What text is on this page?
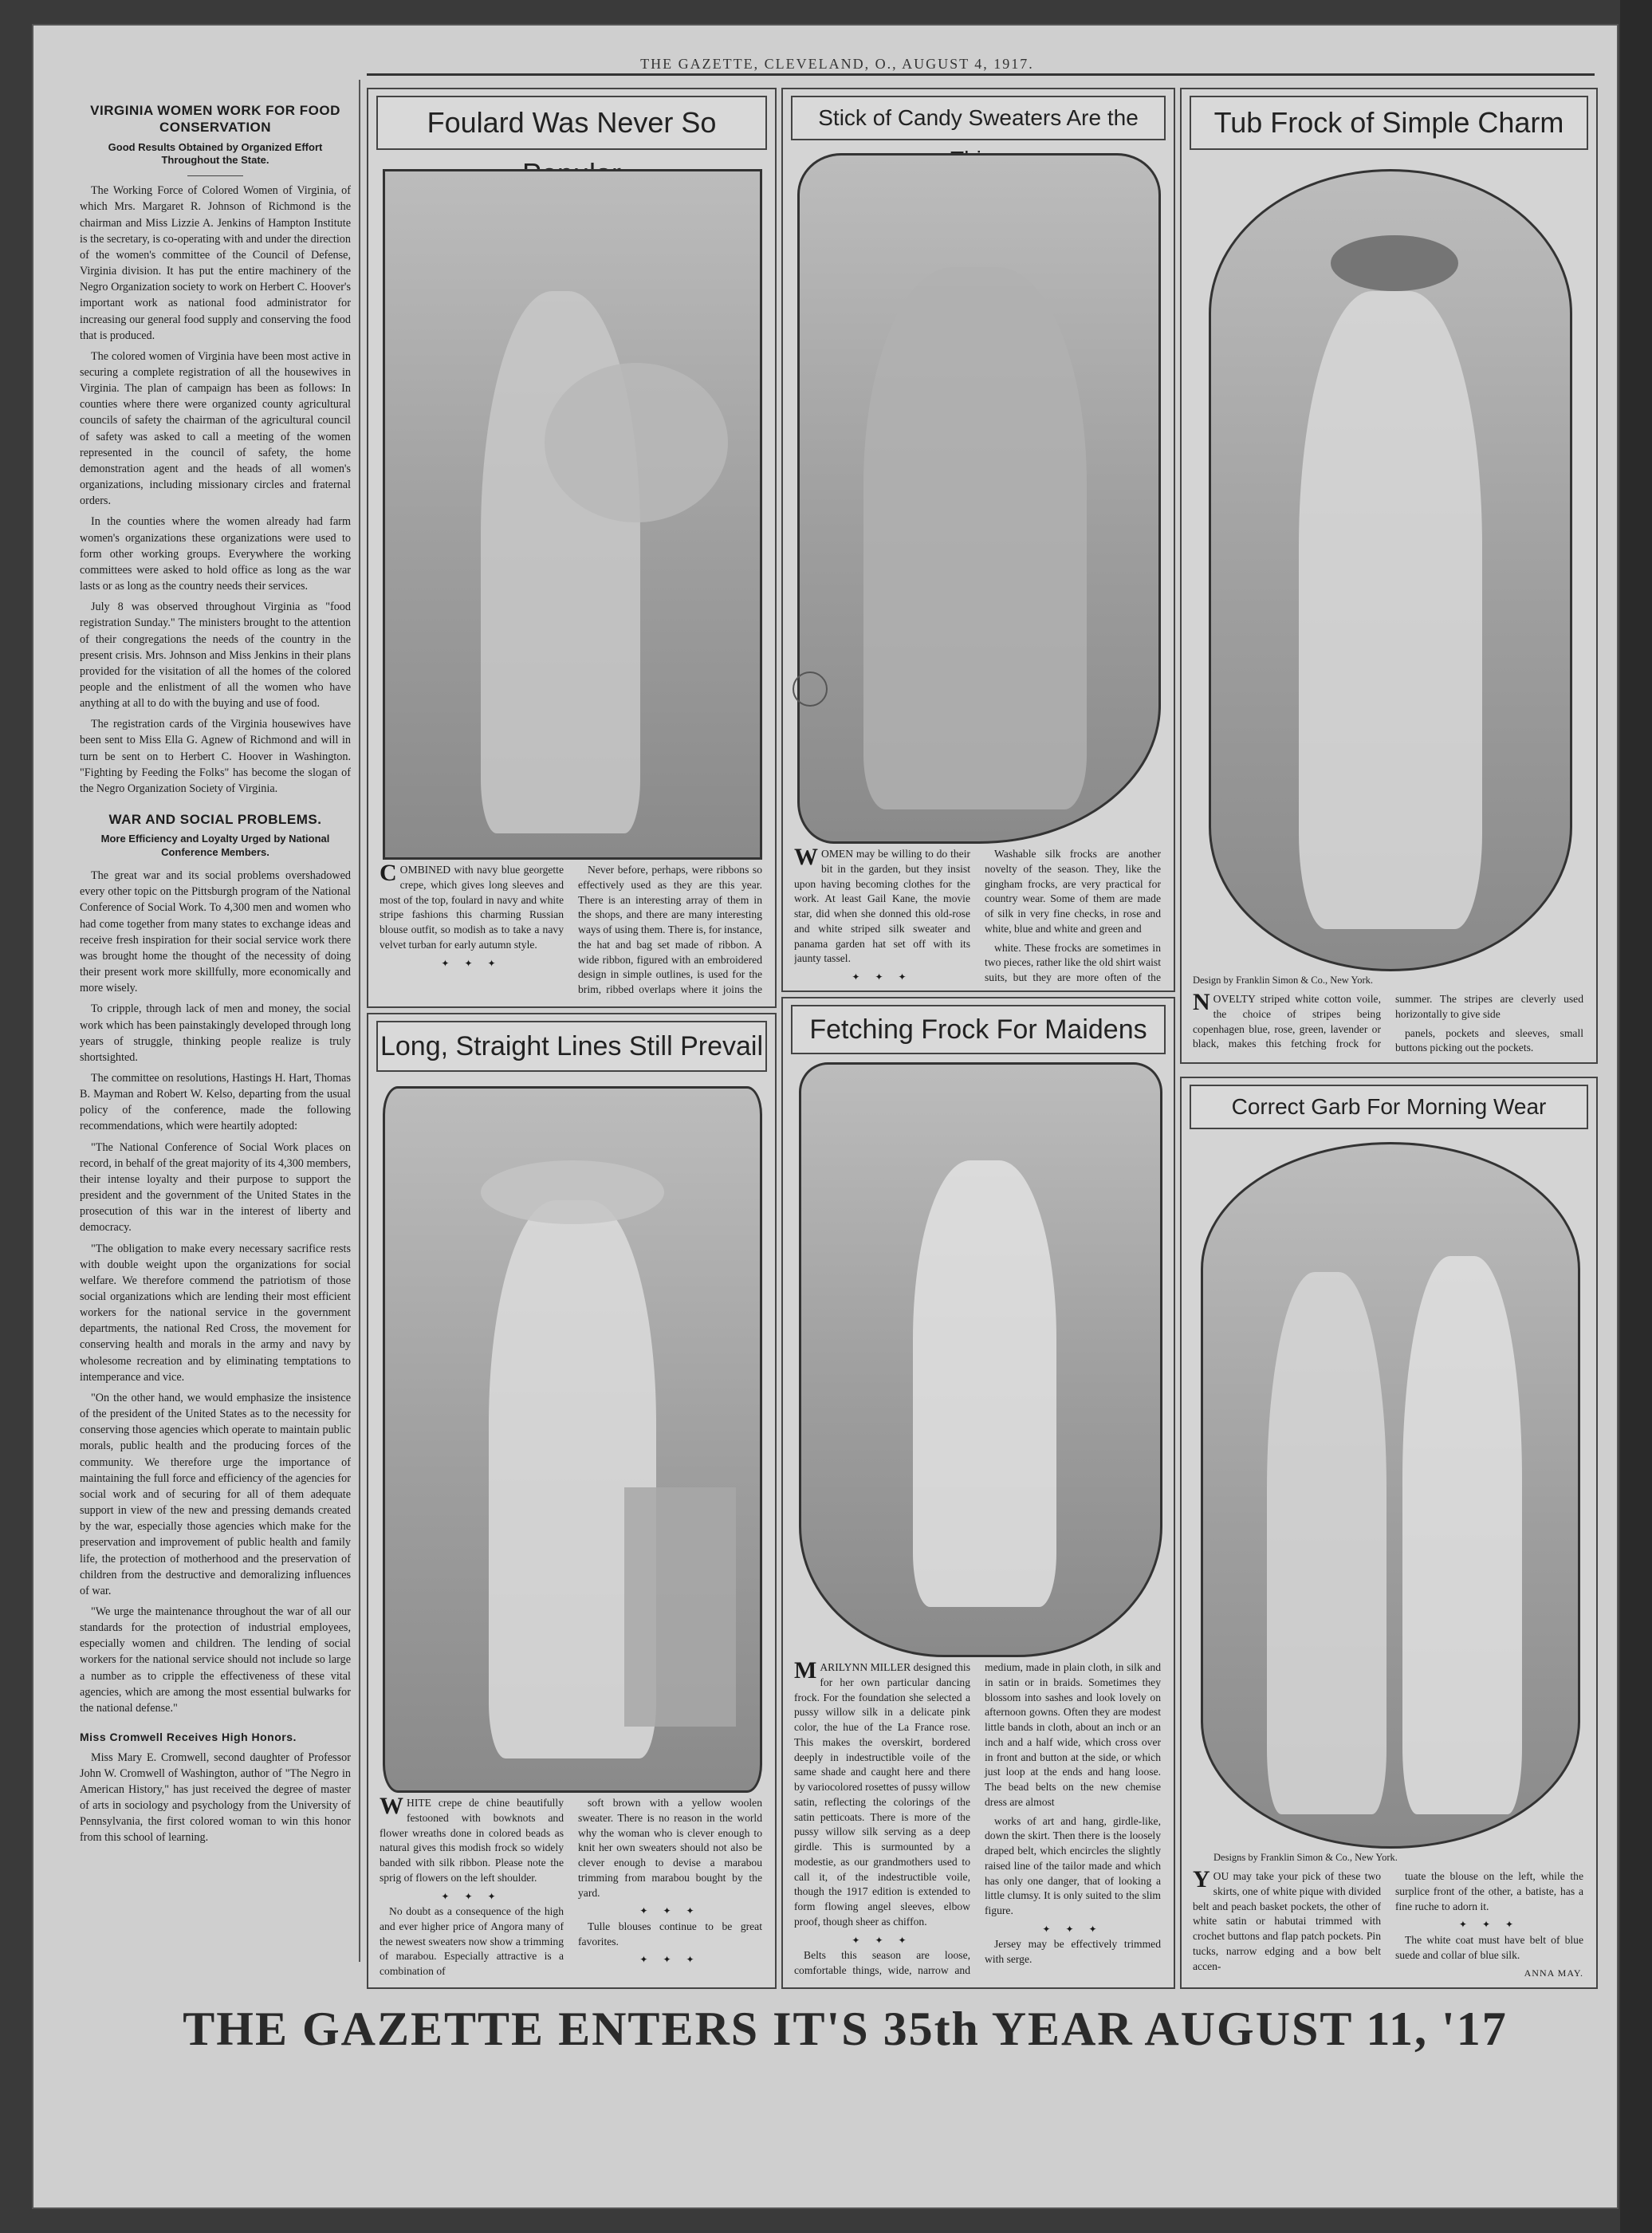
THE GAZETTE, CLEVELAND, O., AUGUST 4, 1917.
VIRGINIA WOMEN WORK FOR FOOD CONSERVATION
Good Results Obtained by Organized Effort Throughout the State.

The Working Force of Colored Women of Virginia, of which Mrs. Margaret R. Johnson of Richmond is the chairman and Miss Lizzie A. Jenkins of Hampton Institute is the secretary, is co-operating with and under the direction of the women's committee of the Council of Defense, Virginia division. It has put the entire machinery of the Negro Organization society to work on Herbert C. Hoover's important work as national food administrator for increasing our general food supply and conserving the food that is produced.

The colored women of Virginia have been most active in securing a complete registration of all the housewives in Virginia. The plan of campaign has been as follows: In counties where there were organized county agricultural councils of safety the chairman of the agricultural council of safety was asked to call a meeting of the women represented in the council of safety, the home demonstration agent and the heads of all women's organizations, including missionary circles and fraternal orders.

In the counties where the women already had farm women's organizations these organizations were used to form other working groups. Everywhere the working committees were asked to hold office as long as the war lasts or as long as the country needs their services.

July 8 was observed throughout Virginia as "food registration Sunday." The ministers brought to the attention of their congregations the needs of the country in the present crisis. Mrs. Johnson and Miss Jenkins in their plans provided for the visitation of all the homes of the colored people and the enlistment of all the women who have anything at all to do with the buying and use of food.

The registration cards of the Virginia housewives have been sent to Miss Ella G. Agnew of Richmond and will in turn be sent on to Herbert C. Hoover in Washington. "Fighting by Feeding the Folks" has become the slogan of the Negro Organization Society of Virginia.

WAR AND SOCIAL PROBLEMS.
More Efficiency and Loyalty Urged by National Conference Members.

The great war and its social problems overshadowed every other topic on the Pittsburgh program of the National Conference of Social Work. To 4,300 men and women who had come together from many states to exchange ideas and receive fresh inspiration for their social service work there was brought home the thought of the necessity of doing their present work more skillfully, more economically and more wisely.

To cripple, through lack of men and money, the social work which has been painstakingly developed through long years of struggle, thinking people realize is truly shortsighted.

The committee on resolutions, Hastings H. Hart, Thomas B. Mayman and Robert W. Kelso, departing from the usual policy of the conference, made the following recommendations, which were heartily adopted:

"The National Conference of Social Work places on record, in behalf of the great majority of its 4,300 members, their intense loyalty and their purpose to support the president and the government of the United States in the prosecution of this war in the interest of liberty and democracy.

"The obligation to make every necessary sacrifice rests with double weight upon the organizations for social welfare. We therefore commend the patriotism of those social organizations which are lending their most efficient workers for the national service in the government departments, the national Red Cross, the movement for conserving health and morals in the army and navy by wholesome recreation and by eliminating temptations to intemperance and vice.

"On the other hand, we would emphasize the insistence of the president of the United States as to the necessity for conserving those agencies which operate to maintain public morals, public health and the producing forces of the community. We therefore urge the importance of maintaining the full force and efficiency of the agencies for social work and of securing for all of them adequate support in view of the new and pressing demands created by the war, especially those agencies which make for the preservation and improvement of public health and family life, the protection of motherhood and the preservation of children from the destructive and demoralizing influences of war.

"We urge the maintenance throughout the war of all our standards for the protection of industrial employees, especially women and children. The lending of social workers for the national service should not include so large a number as to cripple the effectiveness of these vital agencies, which are among the most essential bulwarks for the national defense."

Miss Cromwell Receives High Honors.

Miss Mary E. Cromwell, second daughter of Professor John W. Cromwell of Washington, author of "The Negro in American History," has just received the degree of master of arts in sociology and psychology from the University of Pennsylvania, the first colored woman to win this honor from this school of learning.

Foulard Was Never So

COMBINED with navy blue georgette crepe, which gives long sleeves and most of the top, foulard in navy and white stripe fashions this charming Russian blouse outfit, so modish as to take a navy velvet turban for early autumn style.

✦ ✦ ✦

Never before, perhaps, were ribbons so effectively used as they are this year. There is an interesting array of them in the shops, and there are many interesting ways of using them. There is, for instance, the hat and bag set made of ribbon. A wide ribbon, figured with an embroidered design in simple outlines, is used for the brim, ribbed overlaps where it joins the

Stick of Candy Sweaters Are the

WOMEN may be willing to do their bit in the garden, but they insist upon having becoming clothes for the work. At least Gail Kane, the movie star, did when she donned this old-rose and white striped silk sweater and panama garden hat set off with its jaunty tassel.

✦ ✦ ✦

Washable silk frocks are another novelty of the season. They, like the gingham frocks, are very practical for country wear. Some of them are made of silk in very fine checks, in rose and white, blue and white and green and

white. These frocks are sometimes in two pieces, rather like the old shirt waist suits, but they are more often of the

Tub Frock of Simple Charm
Design by Franklin Simon & Co., New York.

NOVELTY striped white cotton voile, the choice of stripes being copenhagen blue, rose, green, lavender or black, makes this fetching frock for summer. The stripes are cleverly used horizontally to give side

panels, pockets and sleeves, small buttons picking out the pockets.

Fetching Frock For Maidens

MARILYNN MILLER designed this for her own particular dancing frock. For the foundation she selected a pussy willow silk in a delicate pink color, the hue of the La France rose. This makes the overskirt, bordered deeply in indestructible voile of the same shade and caught here and there by variocolored rosettes of pussy willow satin, reflecting the colorings of the satin petticoats. There is more of the pussy willow silk serving as a deep girdle. This is surmounted by a modestie, as our grandmothers used to call it, of the indestructible voile, though the 1917 edition is extended to form flowing angel sleeves, elbow proof, though sheer as chiffon.

✦ ✦ ✦

Belts this season are loose, comfortable things, wide, narrow and medium, made in plain cloth, in silk and in satin or in braids. Sometimes they blossom into sashes and look lovely on afternoon gowns. Often they are modest little bands in cloth, about an inch or an inch and a half wide, which cross over in front and button at the side, or which just loop at the ends and hang loose. The bead belts on the new chemise dress are almost

works of art and hang, girdle-like, down the skirt. Then there is the loosely draped belt, which encircles the slightly raised line of the tailor made and which has only one danger, that of looking a little clumsy. It is only suited to the slim figure.

✦ ✦ ✦

Jersey may be effectively trimmed with serge.

Long, Straight Lines Still Prevail

WHITE crepe de chine beautifully festooned with bowknots and flower wreaths done in colored beads as natural gives this modish frock so widely banded with silk ribbon. Please note the sprig of flowers on the left shoulder.

✦ ✦ ✦

No doubt as a consequence of the high and ever higher price of Angora many of the newest sweaters now show a trimming of marabou. Especially attractive is a combination of

soft brown with a yellow woolen sweater. There is no reason in the world why the woman who is clever enough to knit her own sweaters should not also be clever enough to devise a marabou trimming from marabou bought by the yard.

✦ ✦ ✦

Tulle blouses continue to be great favorites.

✦ ✦ ✦

Correct Garb For Morning Wear
Designs by Franklin Simon & Co., New York.

YOU may take your pick of these two skirts, one of white pique with divided belt and peach basket pockets, the other of white satin or habutai trimmed with crochet buttons and flap patch pockets. Pin tucks, narrow edging and a bow belt accen-

tuate the blouse on the left, while the surplice front of the other, a batiste, has a fine ruche to adorn it.

✦ ✦ ✦

The white coat must have belt of blue suede and collar of blue silk.

ANNA MAY.
THE GAZETTE ENTERS IT'S 35th YEAR AUGUST 11, '17
